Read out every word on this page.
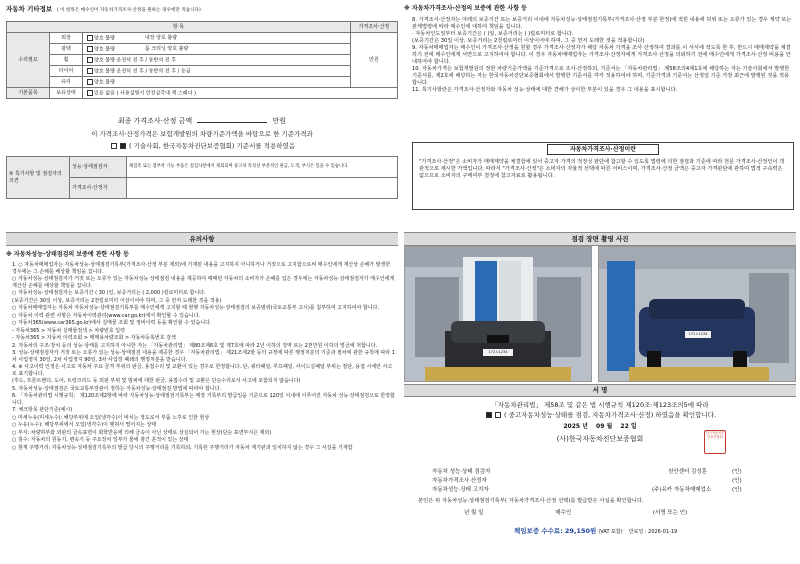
자동차 기타정보 ( 이 항목은 매수인이 자동차가격조사·산정을 원하는 경우에만 적습니다)
항 목			가격조사·산정
수리필요	외장	양호 불량 내장 양호 불량	만원
	광택	양호 불량 룸 크리닝 양호 불량	
	휠	양호 불량 운전석 전 후 / 동반석 전 후	
	타이어	양호 불량 운전석 전 후 / 동반석 전 후 / 응급	
	유리	양호 불량	
기본품목	보유상태	있음 없음 ( 사용설명서 안전삼각대 잭 스패너 )	
최종 가격조사·산정 금액	만원
이 가격조사·산정가격은 보험개발원의 차량기준가액을 바탕으로 한 기준가격과
( 기술사회, 한국자동차진단보증협회) 기준서를 적용하였음
⑤ 특기사항 및 점검자의 의견	성능·상태점검자	체검측 또는 점부착 가능 부품은 점검사항에서 제외되며 중고차 특성상 부분적인 판금, 도색, 부식은 있을 수 있습니다.
	가격조사·산정자	
※ 자동차가격조사·산정의 보증에 관한 사항 등
8. 가격조사·산정자는 아래의 보증기간 또는 보증거리 이내에 자동차성능·상태점검기록부(가격조사·산정 부분 한정)에 적힌 내용에 허위 또는 오류가 있는 경우 계약 또는 관계법령에 따라 매수인에 대하여 책임을 집니다.
· 자동차인도일부터 보증기간은 ( )일, 보증거리는 ( )킬로미터로 합니다.
(보증기간은 30일 이상, 보증거리는 2천킬로미터 이상이어야 하며, 그 중 먼저 도래한 것을 적용합니다)
9. 자동차매매업자는 매수인이 가격조사·산정을 원할 경우 가격조사·산정자가 해당 자동차 가격을 조사·산정하여 결과를 이 서식에 적도록 한 후, 반드시 매매계약을 체결하기 전에 매수인에게 서면으로 고지하여야 합니다. 이 경우 자동차매매업자는 가격조사·산정자에게 가격조사·산정을 의뢰하기 전에 매수인에게 가격조사·산정 비용을 안내하여야 합니다.
10. 자동차가격은 보험개발원의 정한 차량기준가액을 기준가격으로 조사·산정하되, 기준서는 「자동차관리법」 제58조의4제1호에 해당하는 자는 기술사회에서 발행한 기준서를, 제2호에 해당하는 자는 한국자동차진단보증협회에서 발행한 기준서를 각각 적용하여야 하며, 기준가격과 기준서는 산정일 기준 가장 최근에 발행된 것을 적용합니다.
11. 특기사항란은 가격조사·산정자와 자동차 성능·상태에 대한 견해가 상이한 부분이 있을 경우 그 내용을 표시합니다.
자동차가격조사·산정이란
"가격조사·산정"은 소비자가 매매계약을 체결함에 있어 중고자 가격의 적정성 판단에 참고할 수 있도록 법령에 의한 점검과 기준에 따라 전문 가격조사·산정인이 객관적으로 제시한 가액입니다. 따라서 "가격조사·산정"은 소비자의 자율적 선택에 따른 서비스이며, 가격조사·산정 금액은 중고자 가격판단에 관하여 법적 구속력은 없으므로 소비자의 구매여부 결정에 참고자료로 활용됩니다.
유의사항
※ 자동차성능·상태점검의 보증에 관한 사항 등
1. ○ 자동차매매업자는 자동차성능·상태점검기록부(가격조사·산정 부분 제외)에 기재된 내용을 고지하지 아니하거나 거짓으로 고지함으로써 매수인에게 재산상 손해가 발생한 경우에는 그 손해를 배상할 책임을 집니다.
○ 자동차성능·상태점검자가 거짓 또는 오류가 있는 자동차성능·상태점검 내용을 제공하여 매매된 자동차의 소비자가 손해를 입은 경우에는 자동차성능·상태점검자가 매수인에게 재산상 손해를 배상할 책임을 집니다.
○ 자동차성능·상태점검자는 보증기간 ( 30 )일, 보증거리는 ( 2,000 )킬로미터로 합니다.
(보증기간은 30일 이상, 보증거리는 2천킬로미터 이상이어야 하며, 그 중 먼저 도래한 것을 적용)
○ 자동차매매업자는 자동차 자동차성능·상태점검기록부를 매수인에게 고지할 때 현행 자동차성능·상태점검의 보증범위(국토교통부 고시)를 첨부하여 고지하여야 합니다.
○ 자동차 이력 관련 사항은 자동차이력관리(www.car.go.kr)에서 확인할 수 있습니다.
○ 자동차365(www.car365.go.kr)에서 실매물 조회 및 정비이력 등을 확인할 수 있습니다.
- 자동차365 > 자동차 실매물검색 > 차량번호 입력
- 자동차365 > 자동차 이력조회 > 매매용차량조회 > 자동차등록번호 검색
2. 자동차의 구조·장치 등의 성능·상태를 고지하지 아니한 자는 「자동차관리법」 제80조제6호 및 제7호에 따라 2년 이하의 징역 또는 2천만원 이하의 벌금에 처합니다.
3. 성능·상태점검자가 거짓 또는 오류가 있는 성능·상태점검 내용을 제공한 경우 「자동차관리법」 제21조제2항 등의 규정에 따른 행정처분의 기준과 절차에 관한 규칙에 따라 1차 사업정지 30일, 2차 사업정지 90일, 3차 사업장 폐쇄의 행정처분을 받습니다.
4. ※ 사고이력 인정은 사고로 자동차 주요 골격 부위의 판금, 용접수리 및 교환이 있는 경우로 한정합니다. 단, 쿼터패널, 루프패널, 사이드실패널 부위는 절단, 용접 시에만 사고로 표기합니다.
(후드, 프론트펜더, 도어, 트렁크리드 등 외판 부위 및 범퍼에 대한 판금, 용접수리 및 교환은 단순수리로서 사고에 포함되지 않습니다)
5. 자동차성능·상태점검은 국토교통부장관이 정하는 자동차성능·상태점검 방법에 따라야 합니다.
6. 「자동차관리법 시행규칙」 제120조제2항에 따라 자동차성능·상태점검기록부는 매장 기록부의 발급일을 기준으로 120일 이내에 이루어진 자동차 성능·상태점검으로 한정합니다.
7. 체크항목 판단기준(예시)
○ 미세누유(미세누수): 해당부위에 오일(냉각수)이 비치는 정도로서 부품 노후로 인한 현상
○ 누유(누수): 해당부위에서 오일(냉각수)이 맺혀서 떨어지는 상태
○ 부식: 차량하부와 외판의 금속표면이 화학반응에 의해 금속이 아닌 상태로 상실되어 가는 현상(단순 표면부식은 제외)
○ 침수: 자동차의 원동기, 변속기 등 주요장치 일부가 물에 잠긴 흔적이 있는 상태
○ 현재 주행거리: 자동차성능·상태점검기록부의 발급 당시의 주행거리를 기록하되, 기록된 주행거리가 자동차 계기판과 일치하지 않는 경우 그 사실을 기재함
점검 장면 촬영 사진
172노1234
172노1234
서 명
「자동차관리법」 제58조 및 같은 법 시행규칙 제120조·제123조의5에 따라
( 중고자동차성능·상태를 점검, 자동차가격조사·산정) 하였음을 확인합니다.
2025 년 09 월 22 일
(사)한국자동차진단보증협회
한국자동차진단보증협회
자동차 성능·상태 점검자	천안센터 김성훈	(인)
자동차가격조사·산정자	(인)
자동차성능·상태 고지자	(주)유카 자동차매매업소	(인)
본인은 위 자동차성능·상태점검기록부( 자동차가격조사·산정 선택)를 발급받은 사실을 확인합니다.
년 월 일	매수인	(서명 또는 인)
책임보증 수수료: 29,150원 (VAT 포함) 만료일 : 2026-01-19
